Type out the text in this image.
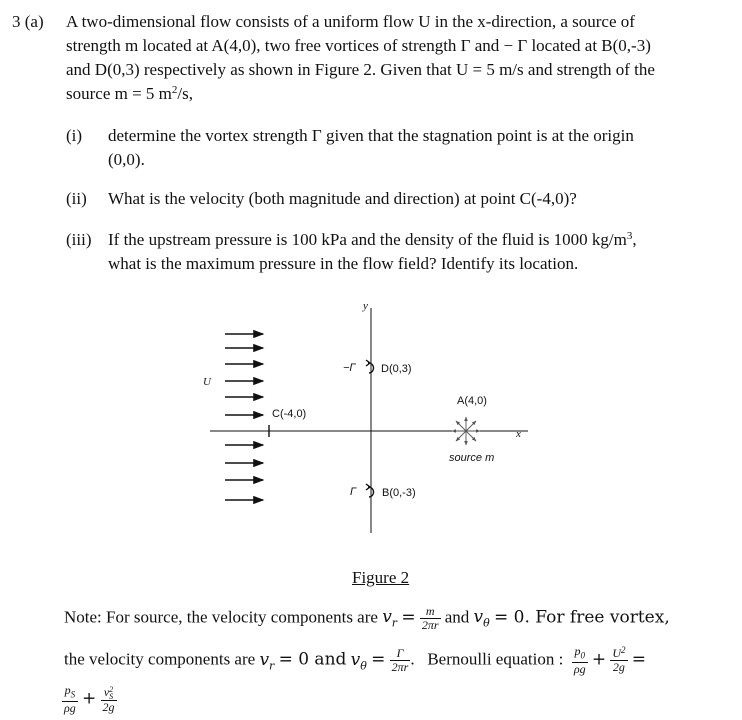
3 (a) A two-dimensional flow consists of a uniform flow U in the x-direction, a source of
strength m located at A(4,0), two free vortices of strength Γ and − Γ located at B(0,-3)
and D(0,3) respectively as shown in Figure 2. Given that U = 5 m/s and strength of the
source m = 5 $m^2/s$,
(i) determine the vortex strength Γ given that the stagnation point is at the origin
(0,0).
(ii) What is the velocity (both magnitude and direction) at point C(-4,0)?
(iii) If the upstream pressure is 100 kPa and the density of the fluid is 1000 $kg/m^3$,
what is the maximum pressure in the flow field? Identify its location.
y
x
U
C(-4,0)
−Γ D(0,3)
Γ B(0,-3)
A(4,0)
source m
Figure 2
Note: For source, the velocity components are $v_r = \frac{m}{2\pi r}$ and $v_\theta = 0$. For free vortex,
the velocity components are $v_r = 0$ and $v_\theta = \frac{\Gamma}{2\pi r}$ . Bernoulli equation : $\frac{p_0}{\rho g} + \frac{U^2}{2g}$ =
$\frac{p_S}{\rho g} + v$ 2
S
2g
